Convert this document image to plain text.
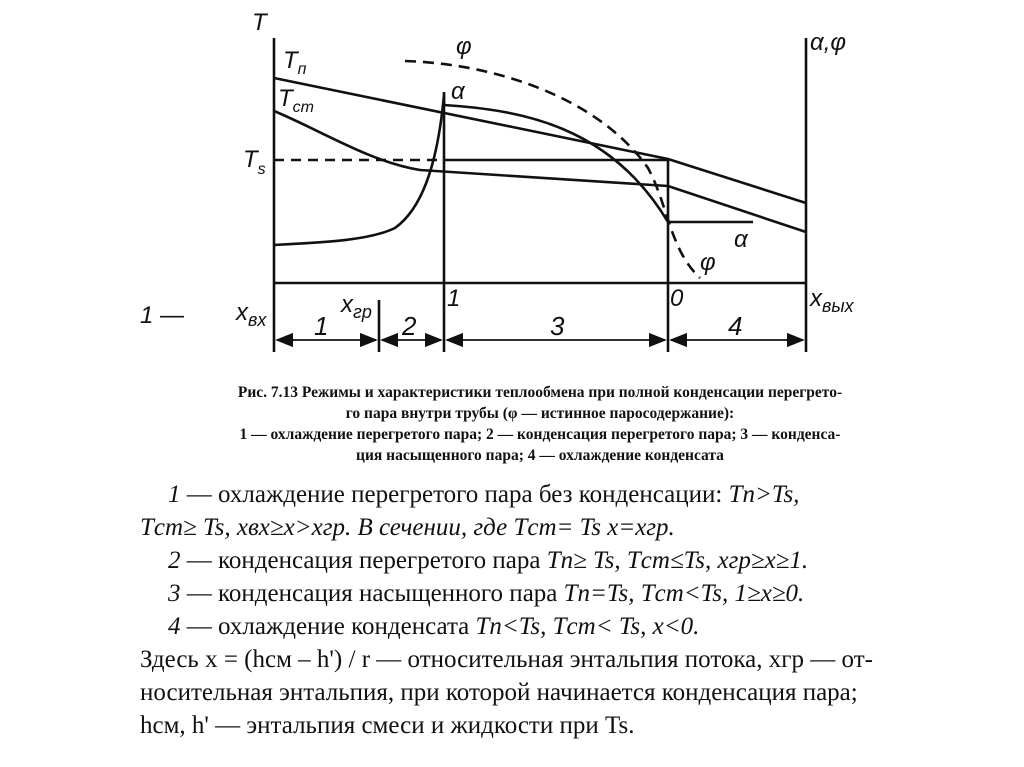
T
α,φ
$T_п$
$T_{ст}$
$T_s$
φ
α
α
φ
1 — $x_{вх}$
$x_{гр}$	1	0	$x_{вых}$
1	2	3	4
Рис. 7.13 Режимы и характеристики теплообмена при полной конденсации перегрето-
го пара внутри трубы (φ — истинное паросодержание):
1 — охлаждение перегретого пара; 2 — конденсация перегретого пара; 3 — конденса-
ция насыщенного пара; 4 — охлаждение конденсата

1 — охлаждение перегретого пара без конденсации: Tп>Ts,

Tст≥ Ts, xвх≥x>xгр. В сечении, где Tст= Ts x=xгр.

2 — конденсация перегретого пара Tп≥ Ts, Tст≤Ts, xгр≥x≥1.

3 — конденсация насыщенного пара Tп=Ts, Tст<Ts, 1≥x≥0.

4 — охлаждение конденсата Tп<Ts, Tст< Ts, x<0.

Здесь x = (hсм – h') / r — относительная энтальпия потока, xгр — от-

носительная энтальпия, при которой начинается конденсация пара;

hсм, h' — энтальпия смеси и жидкости при Ts.
